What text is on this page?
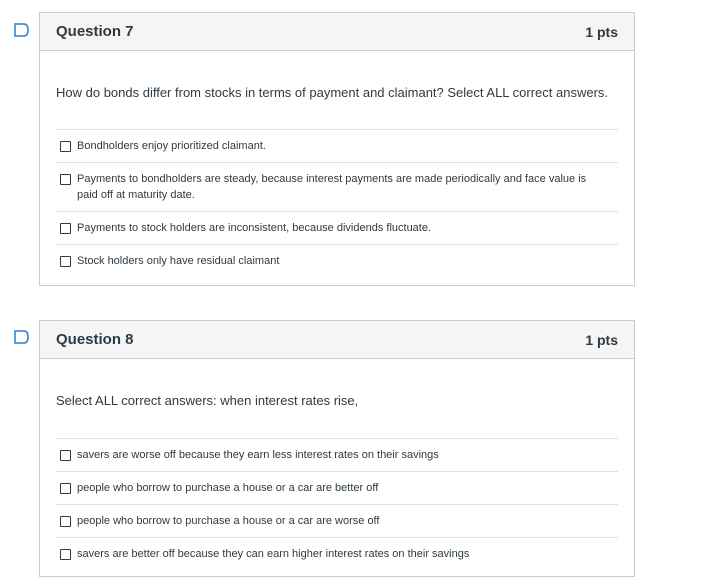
Question 7	1 pts
How do bonds differ from stocks in terms of payment and claimant? Select ALL correct answers.
Bondholders enjoy prioritized claimant.
Payments to bondholders are steady, because interest payments are made periodically and face value is paid off at maturity date.
Payments to stock holders are inconsistent, because dividends fluctuate.
Stock holders only have residual claimant
Question 8	1 pts
Select ALL correct answers: when interest rates rise,
savers are worse off because they earn less interest rates on their savings
people who borrow to purchase a house or a car are better off
people who borrow to purchase a house or a car are worse off
savers are better off because they can earn higher interest rates on their savings
